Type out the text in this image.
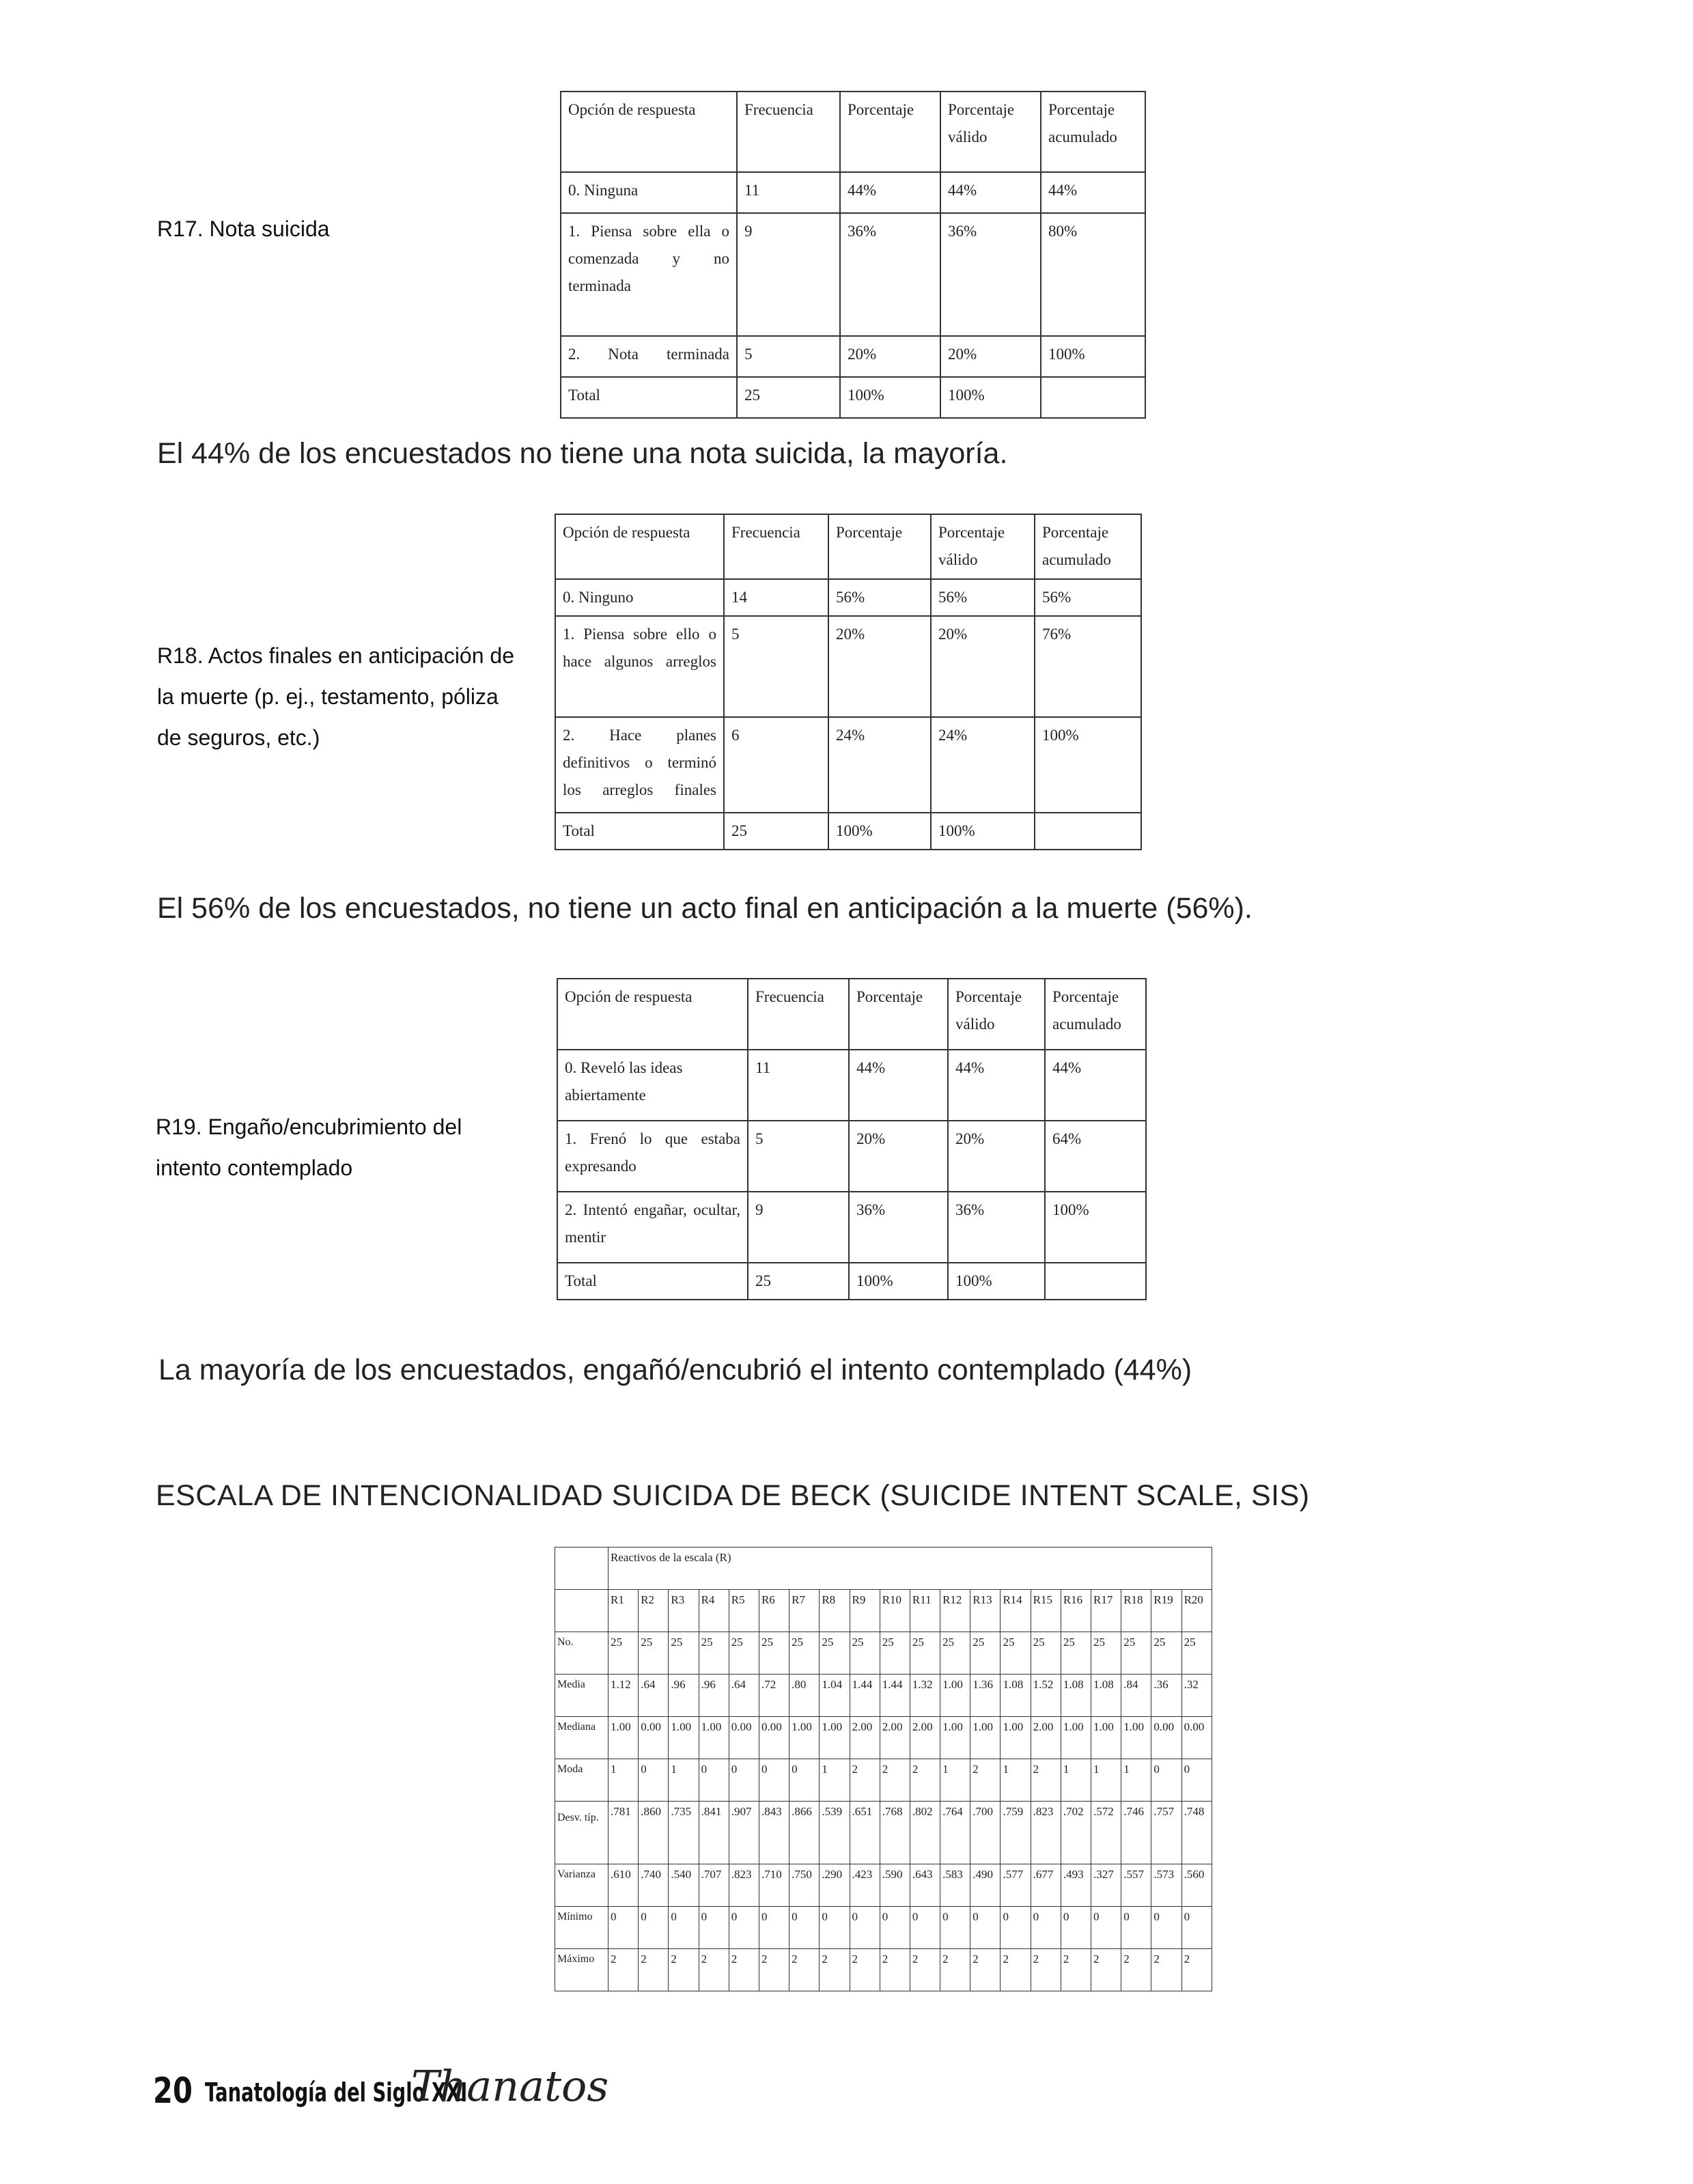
R17. Nota suicida
Opción de respuesta	Frecuencia	Porcentaje	Porcentaje válido	Porcentaje acumulado
0. Ninguna	11	44%	44%	44%
1. Piensa sobre ella o comenzada y no terminada	9	36%	36%	80%
2. Nota terminada	5	20%	20%	100%
Total	25	100%	100%	
El 44% de los encuestados no tiene una nota suicida, la mayoría.
R18. Actos finales en anticipación de la muerte (p. ej., testamento, póliza de seguros, etc.)
Opción de respuesta	Frecuencia	Porcentaje	Porcentaje válido	Porcentaje acumulado
0. Ninguno	14	56%	56%	56%
1. Piensa sobre ello o hace algunos arreglos	5	20%	20%	76%
2. Hace planes definitivos o terminó los arreglos finales	6	24%	24%	100%
Total	25	100%	100%	
El 56% de los encuestados, no tiene un acto final en anticipación a la muerte (56%).
R19. Engaño/encubrimiento del intento contemplado
Opción de respuesta	Frecuencia	Porcentaje	Porcentaje válido	Porcentaje acumulado
0. Reveló las ideas abiertamente	11	44%	44%	44%
1. Frenó lo que estaba expresando	5	20%	20%	64%
2. Intentó engañar, ocultar, mentir	9	36%	36%	100%
Total	25	100%	100%	
La mayoría de los encuestados, engañó/encubrió el intento contemplado (44%)
ESCALA DE INTENCIONALIDAD SUICIDA DE BECK (SUICIDE INTENT SCALE, SIS)
	Reactivos de la escala (R)																			
	R1	R2	R3	R4	R5	R6	R7	R8	R9	R10	R11	R12	R13	R14	R15	R16	R17	R18	R19	R20
No.	25	25	25	25	25	25	25	25	25	25	25	25	25	25	25	25	25	25	25	25
Media	1.12	.64	.96	.96	.64	.72	.80	1.04	1.44	1.44	1.32	1.00	1.36	1.08	1.52	1.08	1.08	.84	.36	.32
Mediana	1.00	0.00	1.00	1.00	0.00	0.00	1.00	1.00	2.00	2.00	2.00	1.00	1.00	1.00	2.00	1.00	1.00	1.00	0.00	0.00
Moda	1	0	1	0	0	0	0	1	2	2	2	1	2	1	2	1	1	1	0	0
Desv. típ.	.781	.860	.735	.841	.907	.843	.866	.539	.651	.768	.802	.764	.700	.759	.823	.702	.572	.746	.757	.748
Varianza	.610	.740	.540	.707	.823	.710	.750	.290	.423	.590	.643	.583	.490	.577	.677	.493	.327	.557	.573	.560
Mínimo	0	0	0	0	0	0	0	0	0	0	0	0	0	0	0	0	0	0	0	0
Máximo	2	2	2	2	2	2	2	2	2	2	2	2	2	2	2	2	2	2	2	2
20 Tanatología del Siglo XXI
Thanatos
